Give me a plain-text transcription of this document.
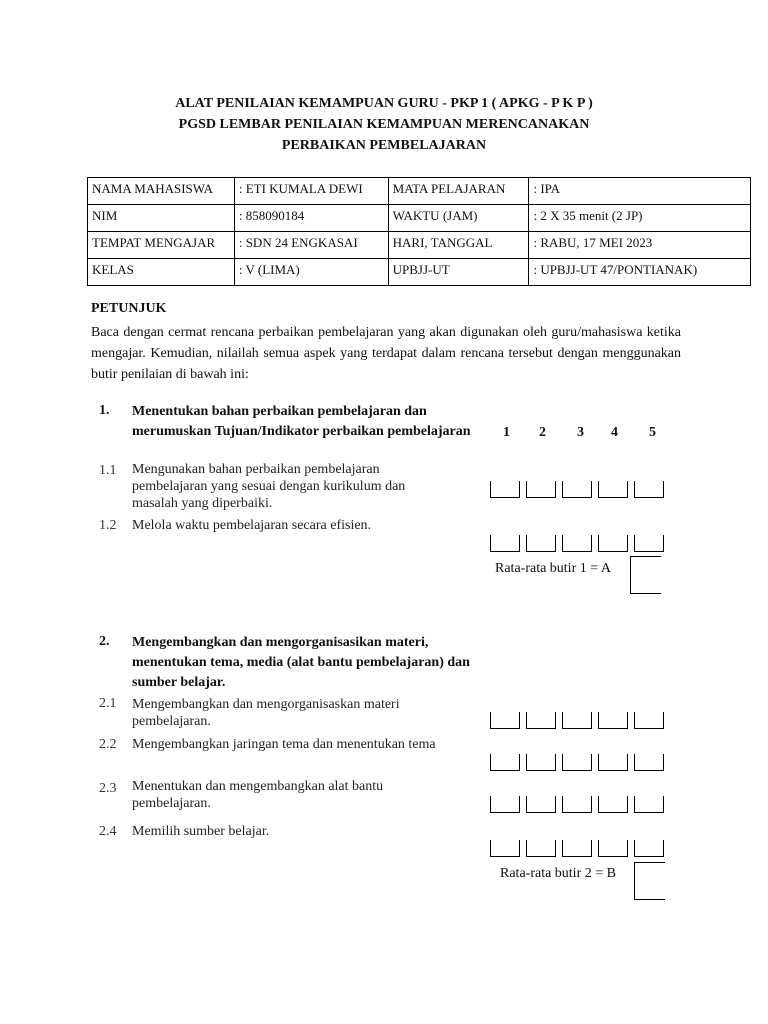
ALAT PENILAIAN KEMAMPUAN GURU - PKP 1 ( APKG - P K P )
PGSD LEMBAR PENILAIAN KEMAMPUAN MERENCANAKAN
PERBAIKAN PEMBELAJARAN
NAMA MAHASISWA	: ETI KUMALA DEWI	MATA PELAJARAN	: IPA
NIM	: 858090184	WAKTU (JAM)	: 2 X 35 menit (2 JP)
TEMPAT MENGAJAR	: SDN 24 ENGKASAI	HARI, TANGGAL	: RABU, 17 MEI 2023
KELAS	: V (LIMA)	UPBJJ-UT	: UPBJJ-UT 47/PONTIANAK)
PETUNJUK
Baca dengan cermat rencana perbaikan pembelajaran yang akan digunakan oleh guru/mahasiswa ketika mengajar. Kemudian, nilailah semua aspek yang terdapat dalam rencana tersebut dengan menggunakan butir penilaian di bawah ini:
1. Menentukan bahan perbaikan pembelajaran dan merumuskan Tujuan/Indikator perbaikan pembelajaran 1 2 3 4 5
1.1 Mengunakan bahan perbaikan pembelajaran pembelajaran yang sesuai dengan kurikulum dan masalah yang diperbaiki.
1.2 Melola waktu pembelajaran secara efisien.
Rata-rata butir 1 = A
2. Mengembangkan dan mengorganisasikan materi, menentukan tema, media (alat bantu pembelajaran) dan sumber belajar.
2.1 Mengembangkan dan mengorganisaskan materi pembelajaran.
2.2 Mengembangkan jaringan tema dan menentukan tema
2.3 Menentukan dan mengembangkan alat bantu pembelajaran.
2.4 Memilih sumber belajar.
Rata-rata butir 2 = B
